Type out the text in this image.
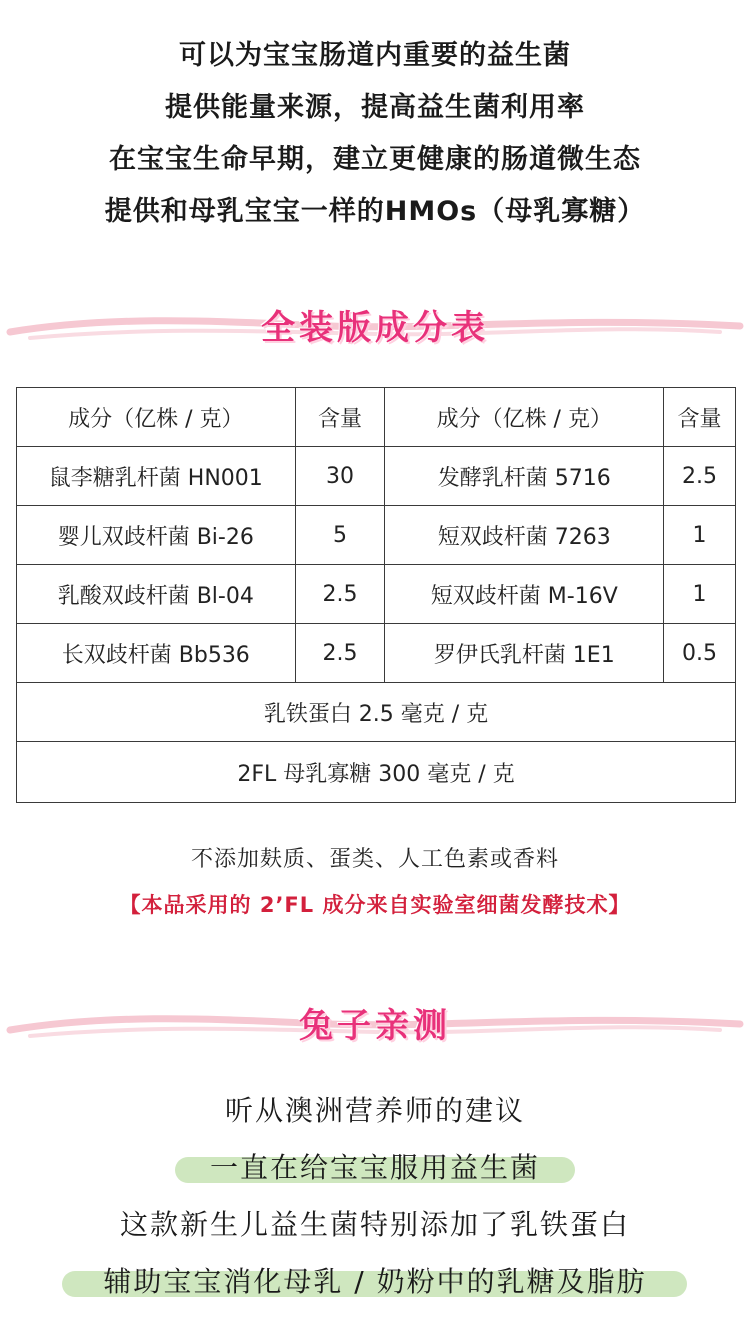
可以为宝宝肠道内重要的益生菌
提供能量来源，提高益生菌利用率
在宝宝生命早期，建立更健康的肠道微生态
提供和母乳宝宝一样的HMOs（母乳寡糖）
全装版成分表
成分（亿株 / 克）	含量	成分（亿株 / 克）	含量
鼠李糖乳杆菌 HN001	30	发酵乳杆菌 5716	2.5
婴儿双歧杆菌 Bi-26	5	短双歧杆菌 7263	1
乳酸双歧杆菌 Bl-04	2.5	短双歧杆菌 M-16V	1
长双歧杆菌 Bb536	2.5	罗伊氏乳杆菌 1E1	0.5
乳铁蛋白 2.5 毫克 / 克			
2FL 母乳寡糖 300 毫克 / 克			
不添加麸质、蛋类、人工色素或香料
【本品采用的 2’FL 成分来自实验室细菌发酵技术】
兔子亲测
听从澳洲营养师的建议
一直在给宝宝服用益生菌
这款新生儿益生菌特别添加了乳铁蛋白
辅助宝宝消化母乳 / 奶粉中的乳糖及脂肪
